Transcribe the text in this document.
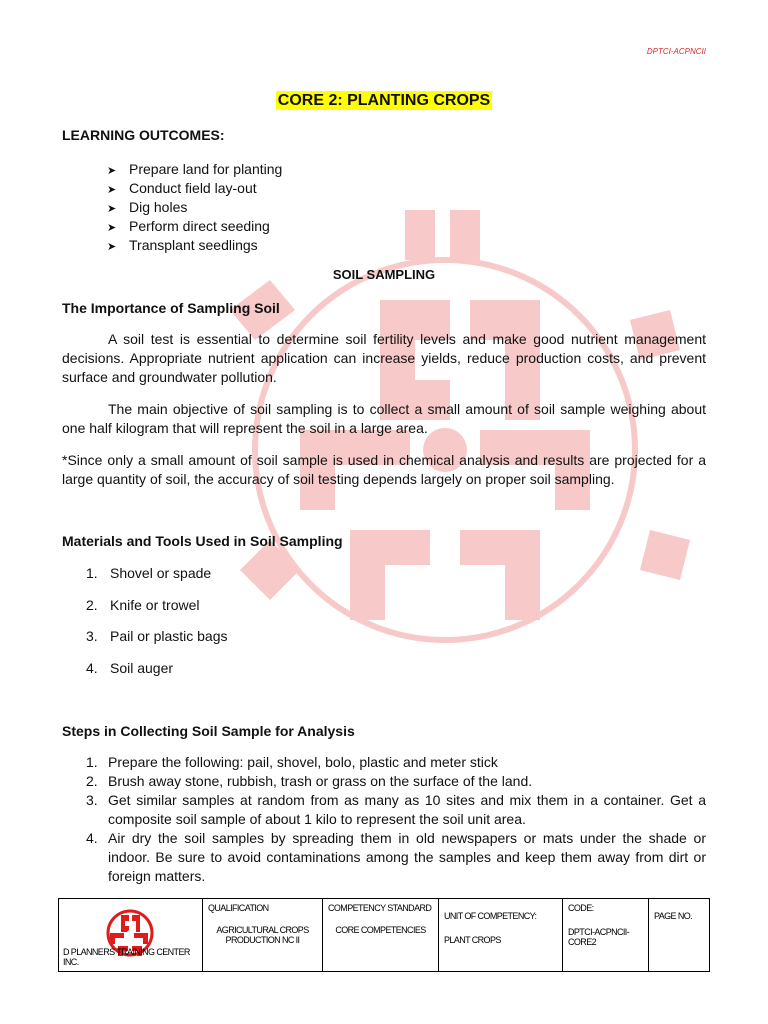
DPTCI-ACPNCII
CORE 2: PLANTING CROPS
LEARNING OUTCOMES:
➤ Prepare land for planting
➤ Conduct field lay-out
➤ Dig holes
➤ Perform direct seeding
➤ Transplant seedlings
SOIL SAMPLING
The Importance of Sampling Soil

A soil test is essential to determine soil fertility levels and make good nutrient management decisions. Appropriate nutrient application can increase yields, reduce production costs, and prevent surface and groundwater pollution.

The main objective of soil sampling is to collect a small amount of soil sample weighing about one half kilogram that will represent the soil in a large area.

*Since only a small amount of soil sample is used in chemical analysis and results are projected for a large quantity of soil, the accuracy of soil testing depends largely on proper soil sampling.

Materials and Tools Used in Soil Sampling
1. Shovel or spade
2. Knife or trowel
3. Pail or plastic bags
4. Soil auger
Steps in Collecting Soil Sample for Analysis
1. Prepare the following: pail, shovel, bolo, plastic and meter stick
2. Brush away stone, rubbish, trash or grass on the surface of the land.
3. Get similar samples at random from as many as 10 sites and mix them in a container. Get a composite soil sample of about 1 kilo to represent the soil unit area.
4. Air dry the soil samples by spreading them in old newspapers or mats under the shade or indoor. Be sure to avoid contaminations among the samples and keep them away from dirt or foreign matters.
D PLANNERS TRAINING CENTER INC.

QUALIFICATION
AGRICULTURAL CROPS PRODUCTION NC II

COMPETENCY STANDARD
CORE COMPETENCIES

UNIT OF COMPETENCY:
PLANT CROPS

CODE:
DPTCI-ACPNCII-CORE2

PAGE NO.
